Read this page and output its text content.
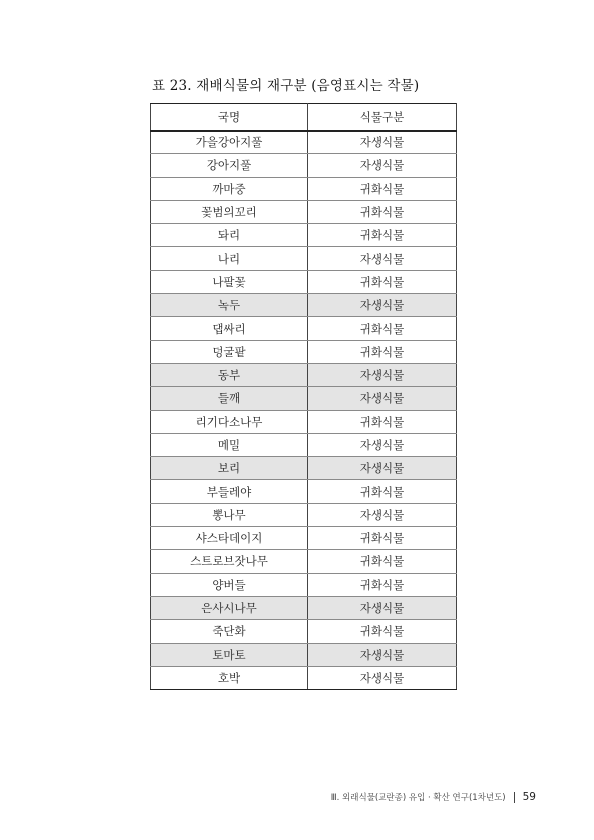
표 23. 재배식물의 재구분 (음영표시는 작물)
국명	식물구분
가을강아지풀	자생식물
강아지풀	자생식물
까마중	귀화식물
꽃범의꼬리	귀화식물
돠리	귀화식물
나리	자생식물
나팔꽃	귀화식물
녹두	자생식물
댑싸리	귀화식물
덩굴팥	귀화식물
동부	자생식물
들깨	자생식물
리기다소나무	귀화식물
메밀	자생식물
보리	자생식물
부들레야	귀화식물
뽕나무	자생식물
샤스타데이지	귀화식물
스트로브잣나무	귀화식물
양버들	귀화식물
은사시나무	자생식물
죽단화	귀화식물
토마토	자생식물
호박	자생식물
Ⅲ. 외래식물(교란종) 유입 · 확산 연구(1차년도) 59
